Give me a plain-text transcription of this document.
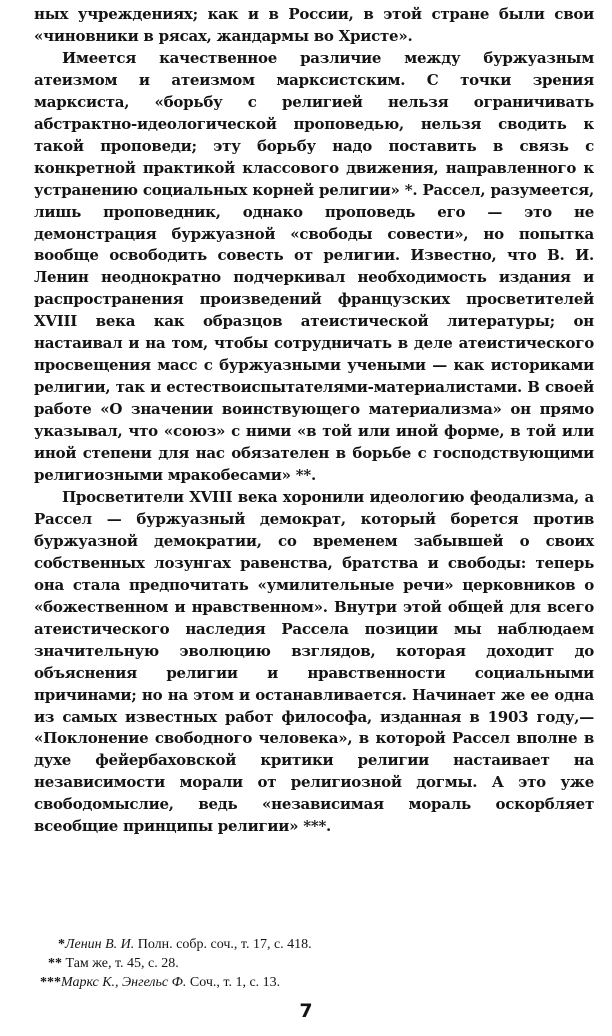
ных учреждениях; как и в России, в этой стране были свои «чиновники в рясах, жандармы во Христе».

Имеется качественное различие между буржуазным атеизмом и атеизмом марксистским. С точки зрения марксиста, «борьбу с религией нельзя ограничивать абстрактно-идеологической проповедью, нельзя сводить к такой проповеди; эту борьбу надо поставить в связь с конкретной практикой классового движения, направленного к устранению социальных корней религии» *. Рассел, разумеется, лишь проповедник, однако проповедь его — это не демонстрация буржуазной «свободы совести», но попытка вообще освободить совесть от религии. Известно, что В. И. Ленин неоднократно подчеркивал необходимость издания и распространения произведений французских просветителей XVIII века как образцов атеистической литературы; он настаивал и на том, чтобы сотрудничать в деле атеистического просвещения масс с буржуазными учеными — как историками религии, так и естествоиспытателями-материалистами. В своей работе «О значении воинствующего материализма» он прямо указывал, что «союз» с ними «в той или иной форме, в той или иной степени для нас обязателен в борьбе с господствующими религиозными мракобесами» **.

Просветители XVIII века хоронили идеологию феодализма, а Рассел — буржуазный демократ, который борется против буржуазной демократии, со временем забывшей о своих собственных лозунгах равенства, братства и свободы: теперь она стала предпочитать «умилительные речи» церковников о «божественном и нравственном». Внутри этой общей для всего атеистического наследия Рассела позиции мы наблюдаем значительную эволюцию взглядов, которая доходит до объяснения религии и нравственности социальными причинами; но на этом и останавливается. Начинает же ее одна из самых известных работ философа, изданная в 1903 году,— «Поклонение свободного человека», в которой Рассел вполне в духе фейербаховской критики религии настаивает на независимости морали от религиозной догмы. А это уже свободомыслие, ведь «независимая мораль оскорбляет всеобщие принципы религии» ***.

*Ленин В. И. Полн. собр. соч., т. 17, с. 418.

** Там же, т. 45, с. 28.

***Маркс К., Энгельс Ф. Соч., т. 1, с. 13.

7
